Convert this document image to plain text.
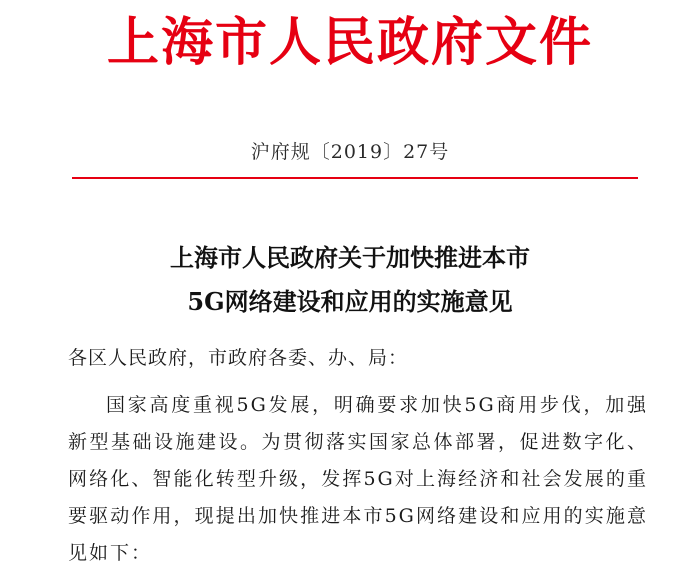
上海市人民政府文件
沪府规〔2019〕27号
上海市人民政府关于加快推进本市
5G网络建设和应用的实施意见
各区人民政府，市政府各委、办、局：
国家高度重视5G发展，明确要求加快5G商用步伐，加强新型基础设施建设。为贯彻落实国家总体部署，促进数字化、网络化、智能化转型升级，发挥5G对上海经济和社会发展的重要驱动作用，现提出加快推进本市5G网络建设和应用的实施意见如下：
